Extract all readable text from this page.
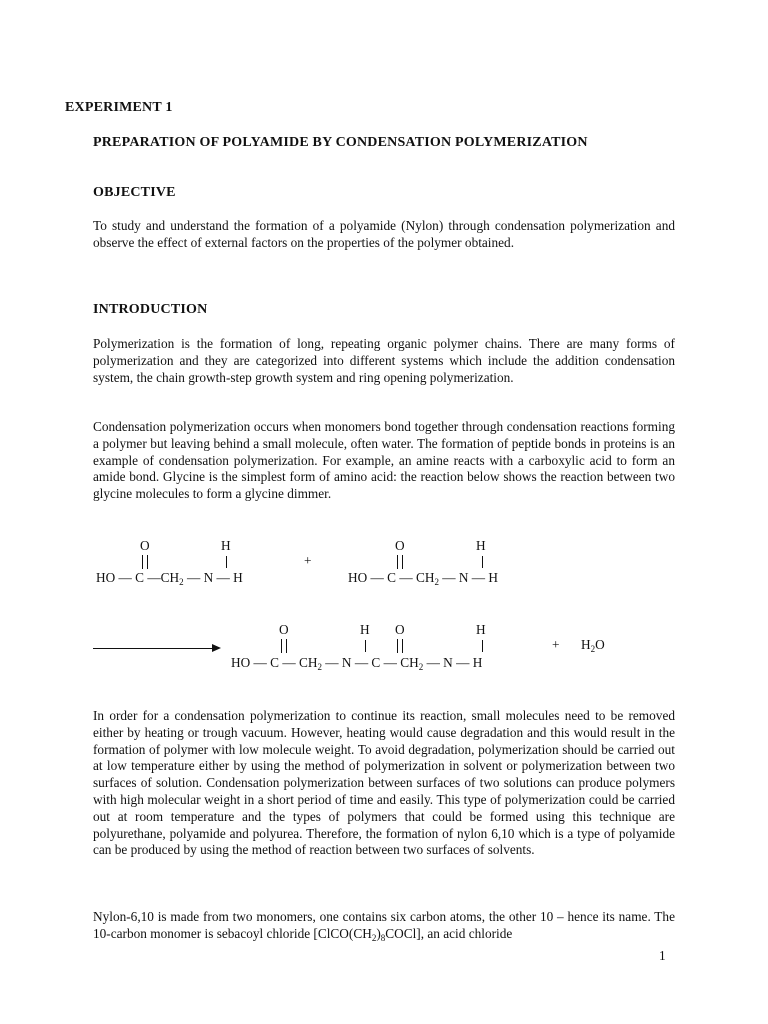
EXPERIMENT 1
PREPARATION OF POLYAMIDE BY CONDENSATION POLYMERIZATION
OBJECTIVE

To study and understand the formation of a polyamide (Nylon) through condensation polymerization and observe the effect of external factors on the properties of the polymer obtained.

INTRODUCTION

Polymerization is the formation of long, repeating organic polymer chains. There are many forms of polymerization and they are categorized into different systems which include the addition condensation system, the chain growth-step growth system and ring opening polymerization.

Condensation polymerization occurs when monomers bond together through condensation reactions forming a polymer but leaving behind a small molecule, often water. The formation of peptide bonds in proteins is an example of condensation polymerization. For example, an amine reacts with a carboxylic acid to form an amide bond. Glycine is the simplest form of amino acid: the reaction below shows the reaction between two glycine molecules to form a glycine dimmer.

O	H
HO — C $—CH_2$ — N — H
+
O	H
HO — C — $CH_2$ — N — H
O	H O	H
HO — C — $CH_2$ — N — C — $CH_2$ — N — H
+ $H_2O$

In order for a condensation polymerization to continue its reaction, small molecules need to be removed either by heating or trough vacuum. However, heating would cause degradation and this would result in the formation of polymer with low molecule weight. To avoid degradation, polymerization should be carried out at low temperature either by using the method of polymerization in solvent or polymerization between two surfaces of solution. Condensation polymerization between surfaces of two solutions can produce polymers with high molecular weight in a short period of time and easily. This type of polymerization could be carried out at room temperature and the types of polymers that could be formed using this technique are polyurethane, polyamide and polyurea. Therefore, the formation of nylon 6,10 which is a type of polyamide can be produced by using the method of reaction between two surfaces of solvents.

Nylon-6,10 is made from two monomers, one contains six carbon atoms, the other 10 – hence its name. The 10-carbon monomer is sebacoyl chloride $[ClCO(CH_2)_8COCl]$, an acid chloride

1
